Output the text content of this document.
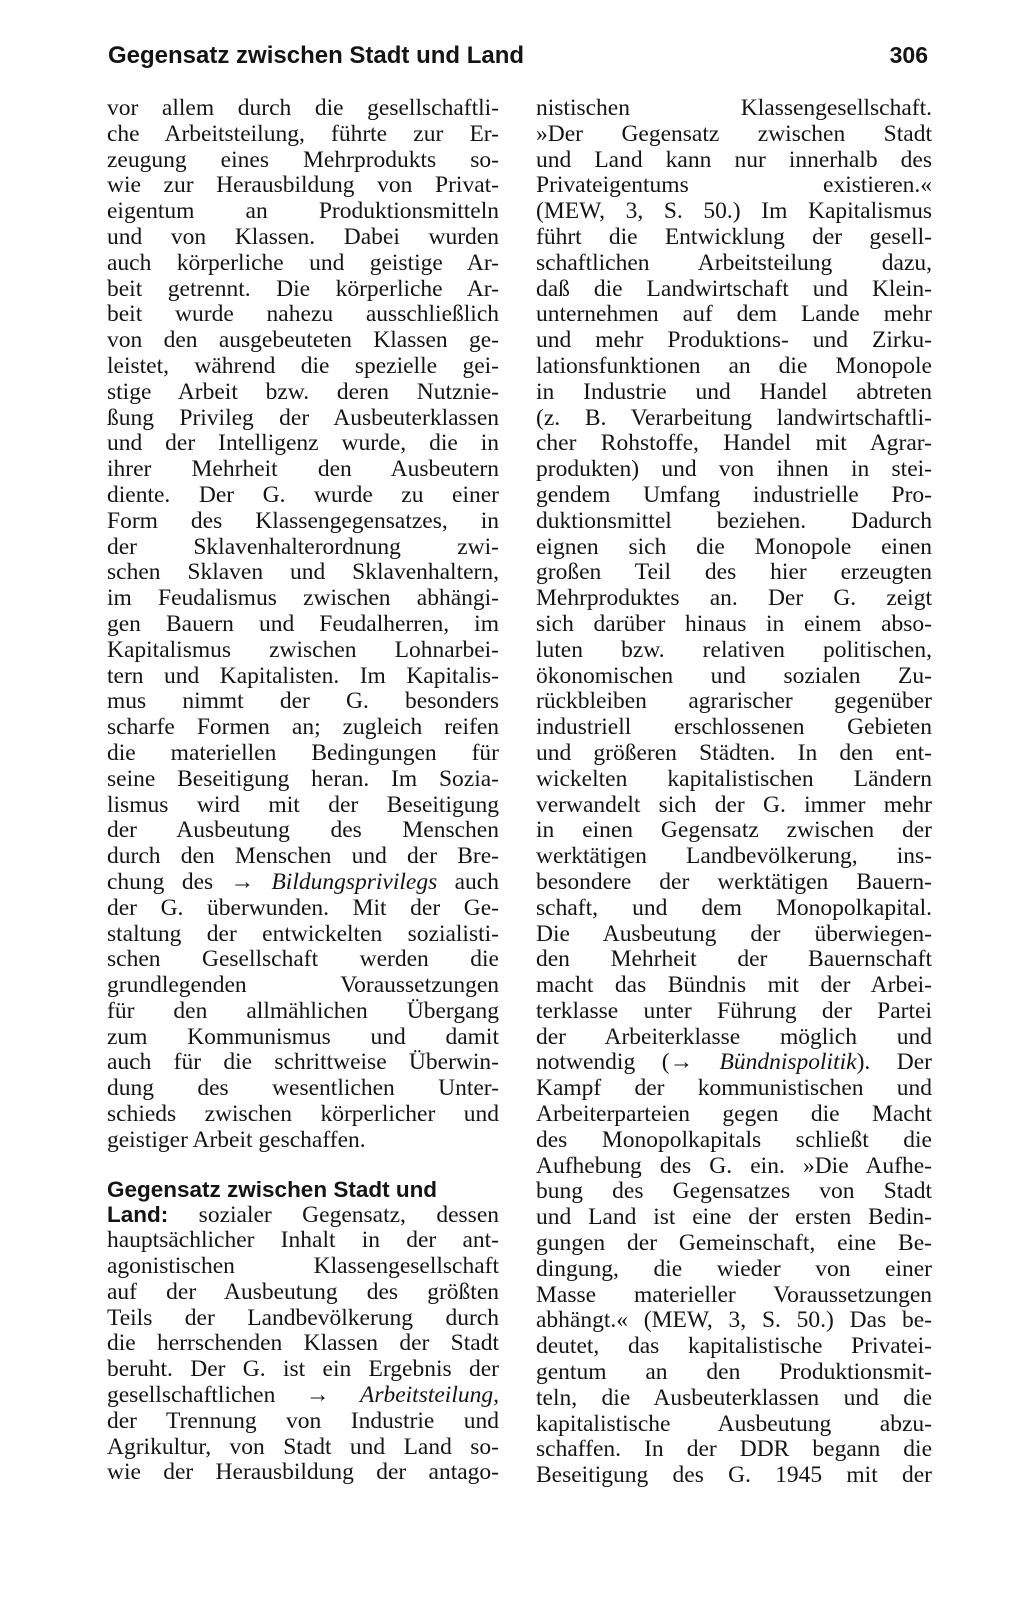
Gegensatz zwischen Stadt und Land	306
vor allem durch die gesellschaftli-
che Arbeitsteilung, führte zur Er-
zeugung eines Mehrprodukts so-
wie zur Herausbildung von Privat-
eigentum an Produktionsmitteln
und von Klassen. Dabei wurden
auch körperliche und geistige Ar-
beit getrennt. Die körperliche Ar-
beit wurde nahezu ausschließlich
von den ausgebeuteten Klassen ge-
leistet, während die spezielle gei-
stige Arbeit bzw. deren Nutznie-
ßung Privileg der Ausbeuterklassen
und der Intelligenz wurde, die in
ihrer Mehrheit den Ausbeutern
diente. Der G. wurde zu einer
Form des Klassengegensatzes, in
der Sklavenhalterordnung zwi-
schen Sklaven und Sklavenhaltern,
im Feudalismus zwischen abhängi-
gen Bauern und Feudalherren, im
Kapitalismus zwischen Lohnarbei-
tern und Kapitalisten. Im Kapitalis-
mus nimmt der G. besonders
scharfe Formen an; zugleich reifen
die materiellen Bedingungen für
seine Beseitigung heran. Im Sozia-
lismus wird mit der Beseitigung
der Ausbeutung des Menschen
durch den Menschen und der Bre-
chung des → Bildungsprivilegs auch
der G. überwunden. Mit der Ge-
staltung der entwickelten sozialisti-
schen Gesellschaft werden die
grundlegenden Voraussetzungen
für den allmählichen Übergang
zum Kommunismus und damit
auch für die schrittweise Überwin-
dung des wesentlichen Unter-
schieds zwischen körperlicher und
geistiger Arbeit geschaffen.
Gegensatz zwischen Stadt und
Land: sozialer Gegensatz, dessen
hauptsächlicher Inhalt in der ant-
agonistischen Klassengesellschaft
auf der Ausbeutung des größten
Teils der Landbevölkerung durch
die herrschenden Klassen der Stadt
beruht. Der G. ist ein Ergebnis der
gesellschaftlichen → Arbeitsteilung,
der Trennung von Industrie und
Agrikultur, von Stadt und Land so-
wie der Herausbildung der antago-
nistischen Klassengesellschaft.
»Der Gegensatz zwischen Stadt
und Land kann nur innerhalb des
Privateigentums existieren.«
(MEW, 3, S. 50.) Im Kapitalismus
führt die Entwicklung der gesell-
schaftlichen Arbeitsteilung dazu,
daß die Landwirtschaft und Klein-
unternehmen auf dem Lande mehr
und mehr Produktions- und Zirku-
lationsfunktionen an die Monopole
in Industrie und Handel abtreten
(z. B. Verarbeitung landwirtschaftli-
cher Rohstoffe, Handel mit Agrar-
produkten) und von ihnen in stei-
gendem Umfang industrielle Pro-
duktionsmittel beziehen. Dadurch
eignen sich die Monopole einen
großen Teil des hier erzeugten
Mehrproduktes an. Der G. zeigt
sich darüber hinaus in einem abso-
luten bzw. relativen politischen,
ökonomischen und sozialen Zu-
rückbleiben agrarischer gegenüber
industriell erschlossenen Gebieten
und größeren Städten. In den ent-
wickelten kapitalistischen Ländern
verwandelt sich der G. immer mehr
in einen Gegensatz zwischen der
werktätigen Landbevölkerung, ins-
besondere der werktätigen Bauern-
schaft, und dem Monopolkapital.
Die Ausbeutung der überwiegen-
den Mehrheit der Bauernschaft
macht das Bündnis mit der Arbei-
terklasse unter Führung der Partei
der Arbeiterklasse möglich und
notwendig (→ Bündnispolitik). Der
Kampf der kommunistischen und
Arbeiterparteien gegen die Macht
des Monopolkapitals schließt die
Aufhebung des G. ein. »Die Aufhe-
bung des Gegensatzes von Stadt
und Land ist eine der ersten Bedin-
gungen der Gemeinschaft, eine Be-
dingung, die wieder von einer
Masse materieller Voraussetzungen
abhängt.« (MEW, 3, S. 50.) Das be-
deutet, das kapitalistische Privatei-
gentum an den Produktionsmit-
teln, die Ausbeuterklassen und die
kapitalistische Ausbeutung abzu-
schaffen. In der DDR begann die
Beseitigung des G. 1945 mit der
